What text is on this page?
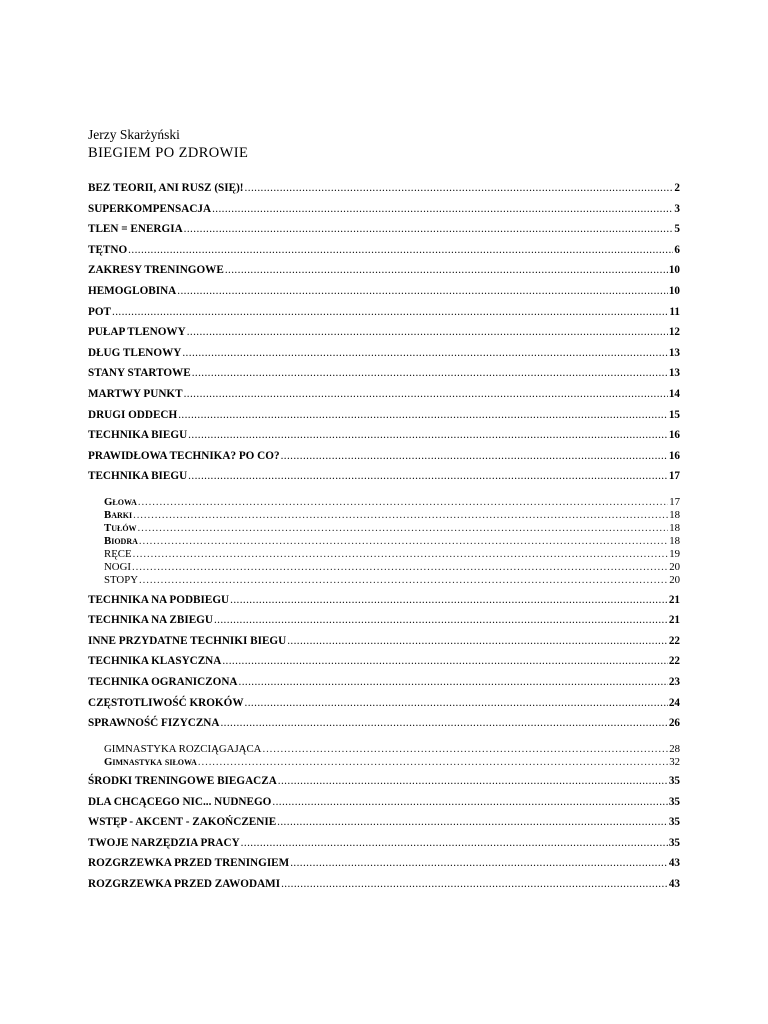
Jerzy Skarżyński
BIEGIEM PO ZDROWIE
BEZ TEORII, ANI RUSZ (SIĘ)! .....	2
SUPERKOMPENSACJA .....	3
TLEN = ENERGIA .....	5
TĘTNO .....	6
ZAKRESY TRENINGOWE .....	10
HEMOGLOBINA .....	10
POT .....	11
PUŁAP TLENOWY .....	12
DŁUG TLENOWY .....	13
STANY STARTOWE .....	13
MARTWY PUNKT .....	14
DRUGI ODDECH .....	15
TECHNIKA BIEGU .....	16
PRAWIDŁOWA TECHNIKA? PO CO? .....	16
TECHNIKA BIEGU .....	17
Głowa .....	17
Barki .....	18
Tułów .....	18
Biodra .....	18
RĘCE .....	19
NOGI .....	20
STOPY .....	20
TECHNIKA NA PODBIEGU .....	21
TECHNIKA NA ZBIEGU .....	21
INNE PRZYDATNE TECHNIKI BIEGU .....	22
TECHNIKA KLASYCZNA .....	22
TECHNIKA OGRANICZONA .....	23
CZĘSTOTLIWOŚĆ KROKÓW .....	24
SPRAWNOŚĆ FIZYCZNA .....	26
GIMNASTYKA ROZCIĄGAJĄCA .....	28
Gimnastyka siłowa .....	32
ŚRODKI TRENINGOWE BIEGACZA .....	35
DLA CHCĄCEGO NIC... NUDNEGO .....	35
WSTĘP - AKCENT - ZAKOŃCZENIE .....	35
TWOJE NARZĘDZIA PRACY .....	35
ROZGRZEWKA PRZED TRENINGIEM .....	43
ROZGRZEWKA PRZED ZAWODAMI .....	43
